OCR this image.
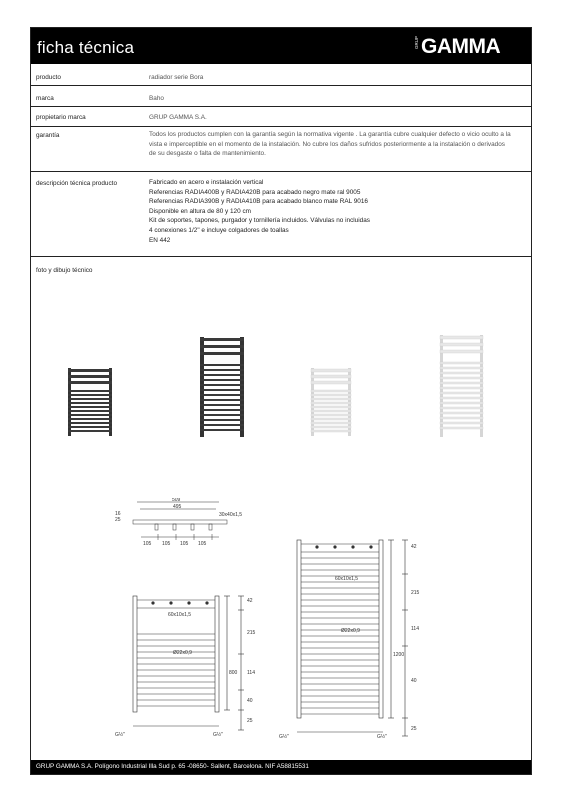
ficha técnica	GRUP GAMMA
producto	radiador serie Bora
marca	Baho
propietario marca	GRUP GAMMA S.A.
garantía	Todos los productos cumplen con la garantía según la normativa vigente . La garantía cubre cualquier defecto o vicio oculto a la
vista e imperceptible en el momento de la instalación. No cubre los daños sufridos posteriormente a la instalación o derivados
de su desgaste o falta de mantenimiento.
descripción técnica producto	Fabricado en acero e instalación vertical
Referencias RADIA400B y RADIA420B para acabado negro mate ral 9005
Referencias RADIA390B y RADIA410B para acabado blanco mate RAL 9016
Disponible en altura de 80 y 120 cm
Kit de soportes, tapones, purgador y tornillería incluidos. Válvulas no incluidas
4 conexiones 1/2" e incluye colgadores de toallas
EN 442
foto y dibujo técnico
509
495
16
25
30x40x1,5
105 105 105 105
60x10x1,5
Ø22x0,9
42
215
114
40
25
800
G½"	G½"
60x10x1,5
Ø22x0,9
42
215
114
40
25
1200
G½"	G½"
GRUP GAMMA S.A. Polígono Industrial Illa Sud p. 65 -08650- Sallent, Barcelona. NIF A58815531
